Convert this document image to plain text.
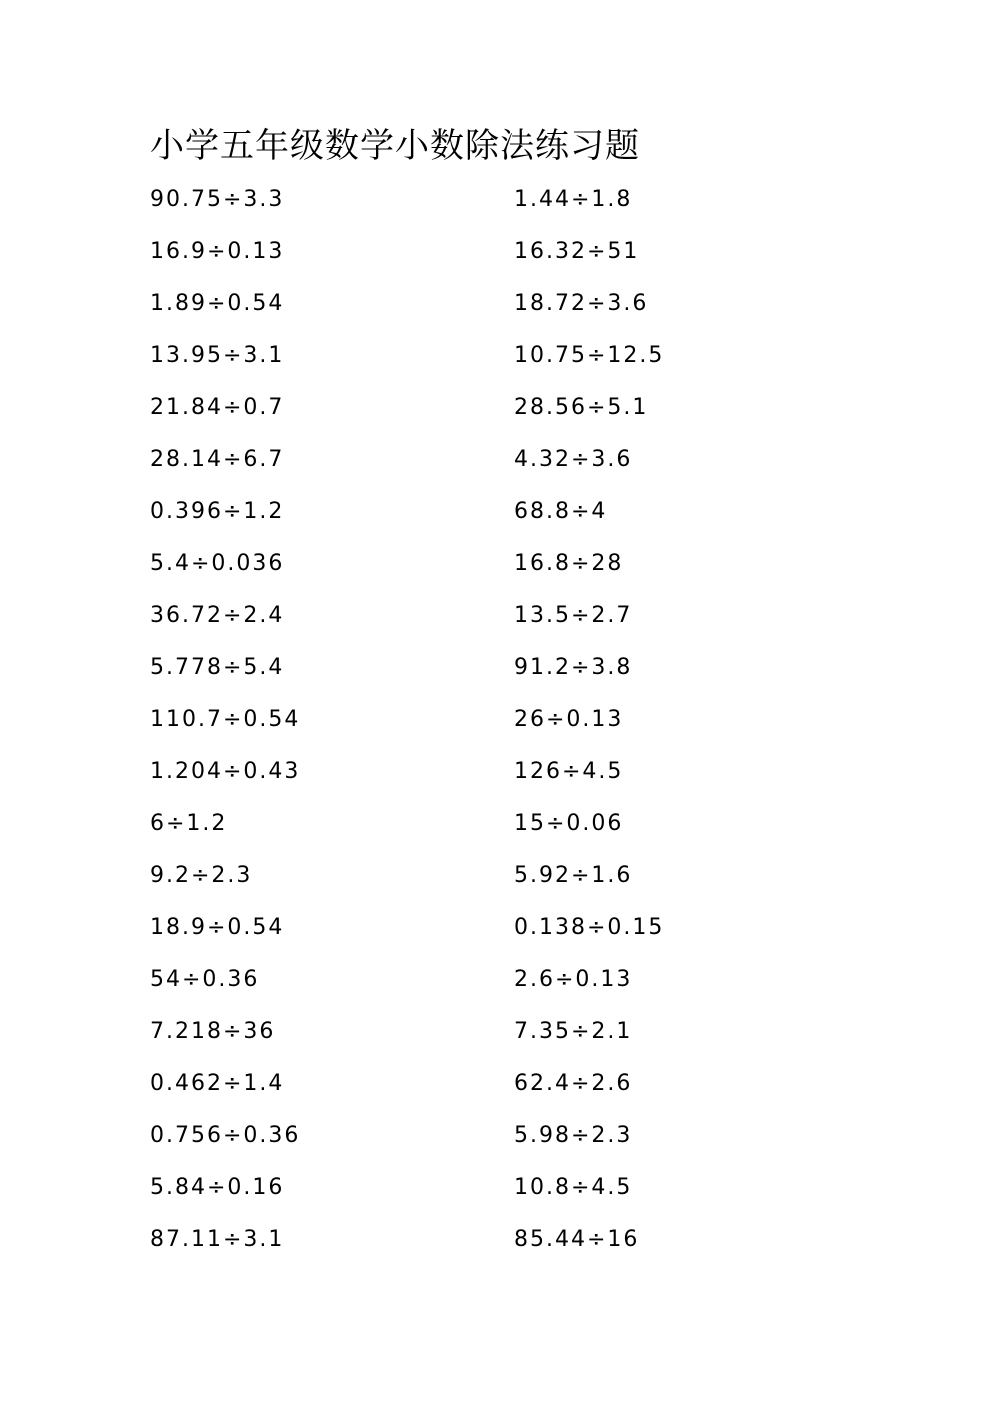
小学五年级数学小数除法练习题
90.75÷3.3
16.9÷0.13
1.89÷0.54
13.95÷3.1
21.84÷0.7
28.14÷6.7
0.396÷1.2
5.4÷0.036
36.72÷2.4
5.778÷5.4
110.7÷0.54
1.204÷0.43
6÷1.2
9.2÷2.3
18.9÷0.54
54÷0.36
7.218÷36
0.462÷1.4
0.756÷0.36
5.84÷0.16
87.11÷3.1
1.44÷1.8
16.32÷51
18.72÷3.6
10.75÷12.5
28.56÷5.1
4.32÷3.6
68.8÷4
16.8÷28
13.5÷2.7
91.2÷3.8
26÷0.13
126÷4.5
15÷0.06
5.92÷1.6
0.138÷0.15
2.6÷0.13
7.35÷2.1
62.4÷2.6
5.98÷2.3
10.8÷4.5
85.44÷16
